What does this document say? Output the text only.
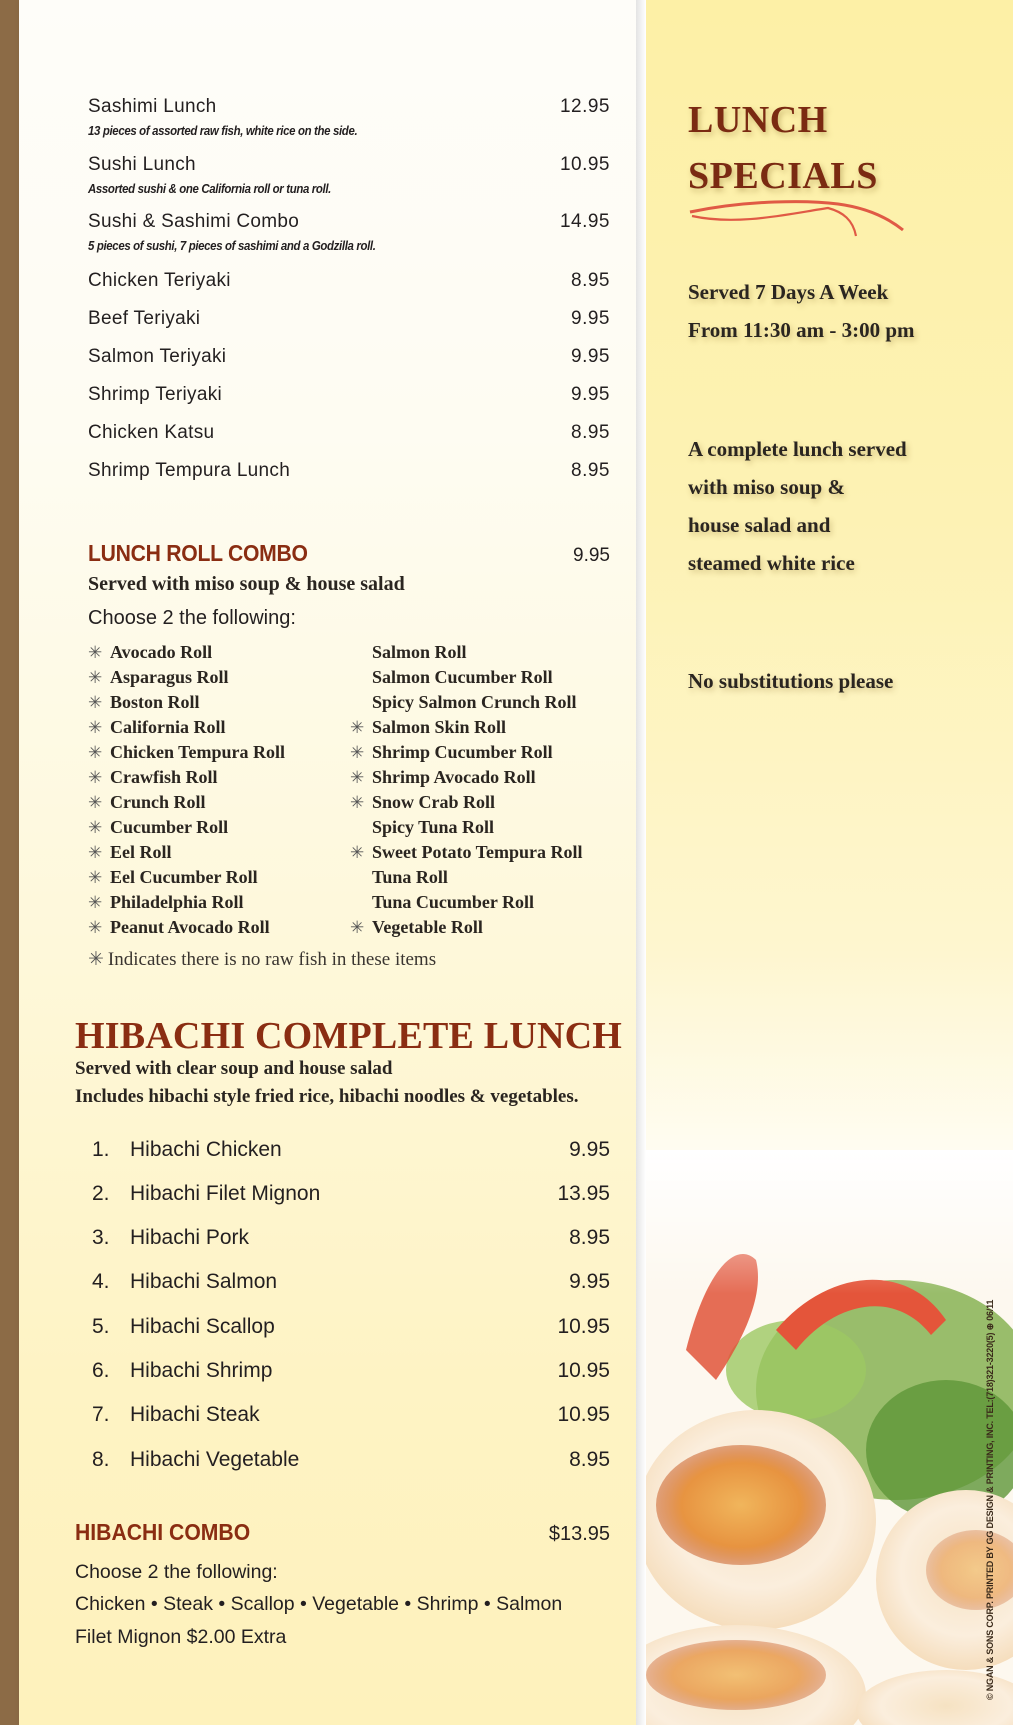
Sashimi Lunch	12.95
13 pieces of assorted raw fish, white rice on the side.
Sushi Lunch	10.95
Assorted sushi & one California roll or tuna roll.
Sushi & Sashimi Combo	14.95
5 pieces of sushi, 7 pieces of sashimi and a Godzilla roll.
Chicken Teriyaki	8.95
Beef Teriyaki	9.95
Salmon Teriyaki	9.95
Shrimp Teriyaki	9.95
Chicken Katsu	8.95
Shrimp Tempura Lunch	8.95
LUNCH ROLL COMBO	9.95
Served with miso soup & house salad
Choose 2 the following:
✳ Avocado Roll
✳ Asparagus Roll
✳ Boston Roll
✳ California Roll
✳ Chicken Tempura Roll
✳ Crawfish Roll
✳ Crunch Roll
✳ Cucumber Roll
✳ Eel Roll
✳ Eel Cucumber Roll
✳ Philadelphia Roll
✳ Peanut Avocado Roll
Salmon Roll
Salmon Cucumber Roll
Spicy Salmon Crunch Roll
✳ Salmon Skin Roll
✳ Shrimp Cucumber Roll
✳ Shrimp Avocado Roll
✳ Snow Crab Roll
Spicy Tuna Roll
✳ Sweet Potato Tempura Roll
Tuna Roll
Tuna Cucumber Roll
✳ Vegetable Roll
✳ Indicates there is no raw fish in these items
HIBACHI COMPLETE LUNCH
Served with clear soup and house salad
Includes hibachi style fried rice, hibachi noodles & vegetables.
1. Hibachi Chicken	9.95
2. Hibachi Filet Mignon	13.95
3. Hibachi Pork	8.95
4. Hibachi Salmon	9.95
5. Hibachi Scallop	10.95
6. Hibachi Shrimp	10.95
7. Hibachi Steak	10.95
8. Hibachi Vegetable	8.95
HIBACHI COMBO	$13.95
Choose 2 the following:
Chicken • Steak • Scallop • Vegetable • Shrimp • Salmon
Filet Mignon $2.00 Extra
LUNCH
SPECIALS
Served 7 Days A Week
From 11:30 am - 3:00 pm
A complete lunch served
with miso soup &
house salad and
steamed white rice
No substitutions please
© NGAN & SONS CORP. PRINTED BY GG DESIGN & PRINTING, INC. TEL:(718)321-3220(5) ⊕ 06/11
